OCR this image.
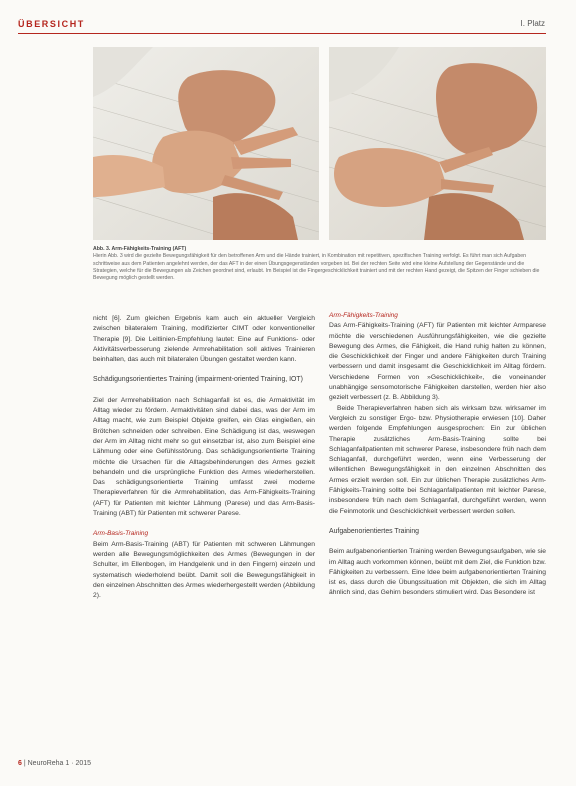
ÜBERSICHT	I. Platz
Abb. 3. Arm-Fähigkeits-Training (AFT)
Hierin Abb. 3 wird die gezielte Bewegungsfähigkeit für den betroffenen Arm und die Hände trainiert, in Kombination mit repetitiven, spezifischen Training verfolgt. Es führt man sich Aufgaben schrittweise aus dem Patienten angelehnt werden, der das AFT in der einen Übungsgegenständen vorgeben ist. Bei der rechten Seite wird eine kleine Aufstellung der Gegenstände und die Strategien, welche für die Bewegungen als Zeichen geordnet sind, erlaubt. Im Beispiel ist die Fingergeschicklichkeit trainiert und mit der rechten Hand gezeigt, die Spitzen der Finger schieben die Bewegung möglich gestellt werden.

nicht [6]. Zum gleichen Ergebnis kam auch ein aktueller Vergleich zwischen bilateralem Training, modifizierter CIMT oder konventioneller Therapie [9]. Die Leitlinien-Empfehlung lautet: Eine auf Funktions- oder Aktivitätsverbesserung zielende Armrehabilitation soll aktives Trainieren beinhalten, das auch mit bilateralen Übungen gestaltet werden kann.

Schädigungsorientiertes Training (impairment-oriented Training, IOT)

Ziel der Armrehabilitation nach Schlaganfall ist es, die Armaktivität im Alltag wieder zu fördern. Armaktivitäten sind dabei das, was der Arm im Alltag macht, wie zum Beispiel Objekte greifen, ein Glas eingießen, ein Brötchen schneiden oder schreiben. Eine Schädigung ist das, weswegen der Arm im Alltag nicht mehr so gut einsetzbar ist, also zum Beispiel eine Lähmung oder eine Gefühlsstörung. Das schädigungsorientierte Training möchte die Ursachen für die Alltagsbehinderungen des Armes gezielt behandeln und die ursprüngliche Funktion des Armes wiederherstellen. Das schädigungsorientierte Training umfasst zwei moderne Therapieverfahren für die Armrehabilitation, das Arm-Fähigkeits-Training (AFT) für Patienten mit leichter Lähmung (Parese) und das Arm-Basis-Training (ABT) für Patienten mit schwerer Parese.

Arm-Basis-Training

Beim Arm-Basis-Training (ABT) für Patienten mit schweren Lähmungen werden alle Bewegungsmöglichkeiten des Armes (Bewegungen in der Schulter, im Ellenbogen, im Handgelenk und in den Fingern) einzeln und systematisch wiederholend beübt. Damit soll die Bewegungsfähigkeit in den einzelnen Abschnitten des Armes wiederhergestellt werden (Abbildung 2).

Arm-Fähigkeits-Training

Das Arm-Fähigkeits-Training (AFT) für Patienten mit leichter Armparese möchte die verschiedenen Ausführungsfähigkeiten, wie die gezielte Bewegung des Armes, die Fähigkeit, die Hand ruhig halten zu können, die Geschicklichkeit der Finger und andere Fähigkeiten durch Training verbessern und damit insgesamt die Geschicklichkeit im Alltag fördern. Verschiedene Formen von »Geschicklichkeit«, die voneinander unabhängige sensomotorische Fähigkeiten darstellen, werden hier also gezielt verbessert (z. B. Abbildung 3).

Beide Therapieverfahren haben sich als wirksam bzw. wirksamer im Vergleich zu sonstiger Ergo- bzw. Physiotherapie erwiesen [10]. Daher werden folgende Empfehlungen ausgesprochen: Ein zur üblichen Therapie zusätzliches Arm-Basis-Training sollte bei Schlaganfallpatienten mit schwerer Parese, insbesondere früh nach dem Schlaganfall, durchgeführt werden, wenn eine Verbesserung der willentlichen Bewegungsfähigkeit in den einzelnen Abschnitten des Armes erzielt werden soll. Ein zur üblichen Therapie zusätzliches Arm-Fähigkeits-Training sollte bei Schlaganfallpatienten mit leichter Parese, insbesondere früh nach dem Schlaganfall, durchgeführt werden, wenn die Feinmotorik und Geschicklichkeit verbessert werden sollen.

Aufgabenorientiertes Training

Beim aufgabenorientierten Training werden Bewegungsaufgaben, wie sie im Alltag auch vorkommen können, beübt mit dem Ziel, die Funktion bzw. Fähigkeiten zu verbessern. Eine Idee beim aufgabenorientierten Training ist es, dass durch die Übungssituation mit Objekten, die sich im Alltag ähnlich sind, das Gehirn besonders stimuliert wird. Das Besondere ist

6 | NeuroReha 1 · 2015
